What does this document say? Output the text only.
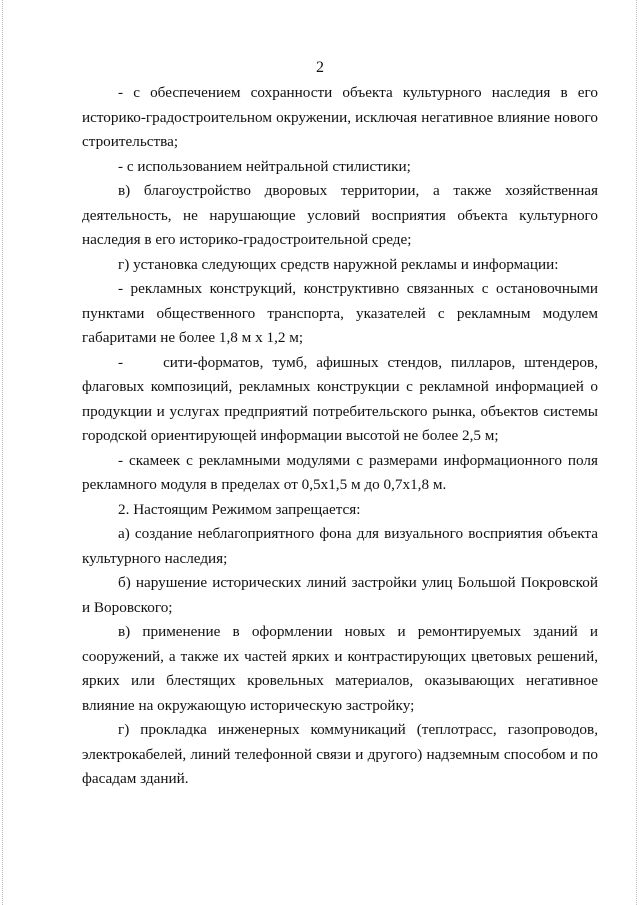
2

- с обеспечением сохранности объекта культурного наследия в его историко-градостроительном окружении, исключая негативное влияние нового строительства;

- с использованием нейтральной стилистики;

в) благоустройство дворовых территории, а также хозяйственная деятельность, не нарушающие условий восприятия объекта культурного наследия в его историко-градостроительной среде;

г) установка следующих средств наружной рекламы и информации:

- рекламных конструкций, конструктивно связанных с остановочными пунктами общественного транспорта, указателей с рекламным модулем габаритами не более 1,8 м х 1,2 м;

-	сити-форматов, тумб, афишных стендов, пилларов, штендеров, флаговых композиций, рекламных конструкции с рекламной информацией о продукции и услугах предприятий потребительского рынка, объектов системы городской ориентирующей информации высотой не более 2,5 м;

- скамеек с рекламными модулями с размерами информационного поля рекламного модуля в пределах от 0,5х1,5 м до 0,7х1,8 м.

2. Настоящим Режимом запрещается:

а) создание неблагоприятного фона для визуального восприятия объекта культурного наследия;

б) нарушение исторических линий застройки улиц Большой Покровской и Воровского;

в) применение в оформлении новых и ремонтируемых зданий и сооружений, а также их частей ярких и контрастирующих цветовых решений, ярких или блестящих кровельных материалов, оказывающих негативное влияние на окружающую историческую застройку;

г) прокладка инженерных коммуникаций (теплотрасс, газопроводов, электрокабелей, линий телефонной связи и другого) надземным способом и по фасадам зданий.
